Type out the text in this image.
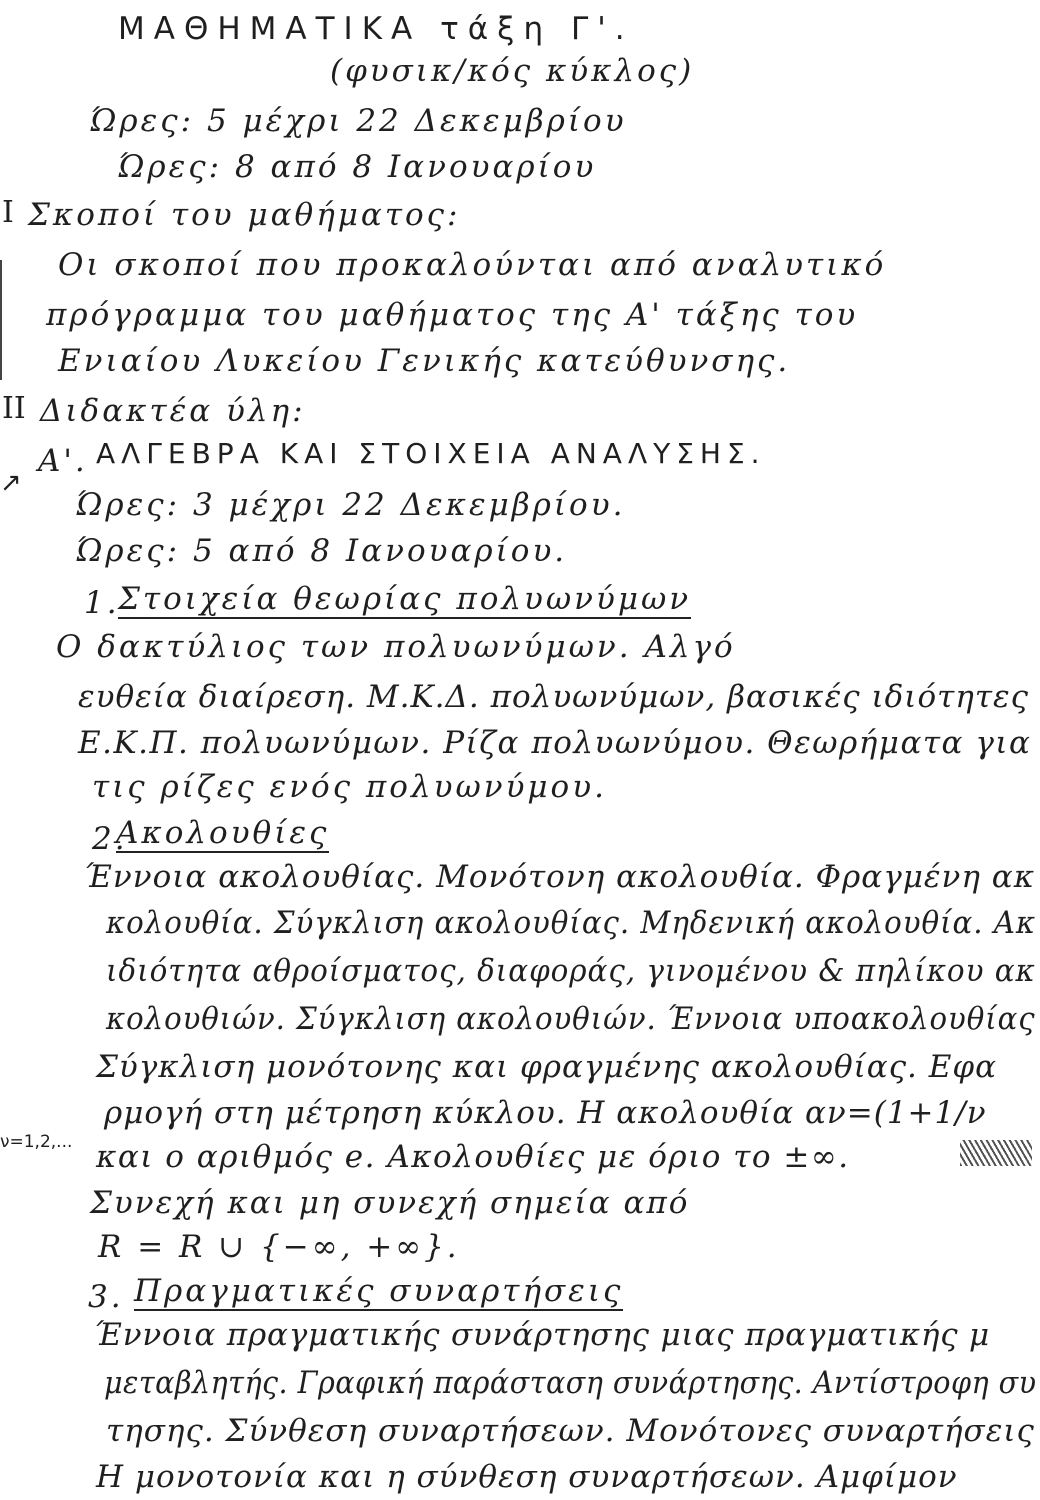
↗
ΜΑΘΗΜΑΤΙΚΑ τάξη Γ'.
(φυσικ/κός κύκλος)
Ώρες: 5 μέχρι 22 Δεκεμβρίου
Ώρες: 8 από 8 Ιανουαρίου
I Σκοποί του μαθήματος:
Οι σκοποί που προκαλούνται από αναλυτικό
πρόγραμμα του μαθήματος της Α' τάξης του
Ενιαίου Λυκείου Γενικής κατεύθυνσης.
II Διδακτέα ύλη:
Α'. ΑΛΓΕΒΡΑ ΚΑΙ ΣΤΟΙΧΕΙΑ ΑΝΑΛΥΣΗΣ.
Ώρες: 3 μέχρι 22 Δεκεμβρίου.
Ώρες: 5 από 8 Ιανουαρίου.
1.
Στοιχεία θεωρίας πολυωνύμων
Ο δακτύλιος των πολυωνύμων. Αλγό
ευθεία διαίρεση. Μ.Κ.Δ. πολυωνύμων, βασικές ιδιότητες
Ε.Κ.Π. πολυωνύμων. Ρίζα πολυωνύμου. Θεωρήματα για
τις ρίζες ενός πολυωνύμου.
2.
Ακολουθίες
Έννοια ακολουθίας. Μονότονη ακολουθία. Φραγμένη ακ
κολουθία. Σύγκλιση ακολουθίας. Μηδενική ακολουθία. Ακ
ιδιότητα αθροίσματος, διαφοράς, γινομένου & πηλίκου ακ
κολουθιών. Σύγκλιση ακολουθιών. Έννοια υποακολουθίας
Σύγκλιση μονότονης και φραγμένης ακολουθίας. Εφα
ρμογή στη μέτρηση κύκλου. Η ακολουθία αν=(1+1/ν
ν=1,2,... και ο αριθμός e. Ακολουθίες με όριο το ±∞.
Συνεχή και μη συνεχή σημεία από
R = R ∪ {−∞, +∞}.
3. Πραγματικές συναρτήσεις
Έννοια πραγματικής συνάρτησης μιας πραγματικής μ
μεταβλητής. Γραφική παράσταση συνάρτησης. Αντίστροφη συ
τησης. Σύνθεση συναρτήσεων. Μονότονες συναρτήσεις
Η μονοτονία και η σύνθεση συναρτήσεων. Αμφίμον
